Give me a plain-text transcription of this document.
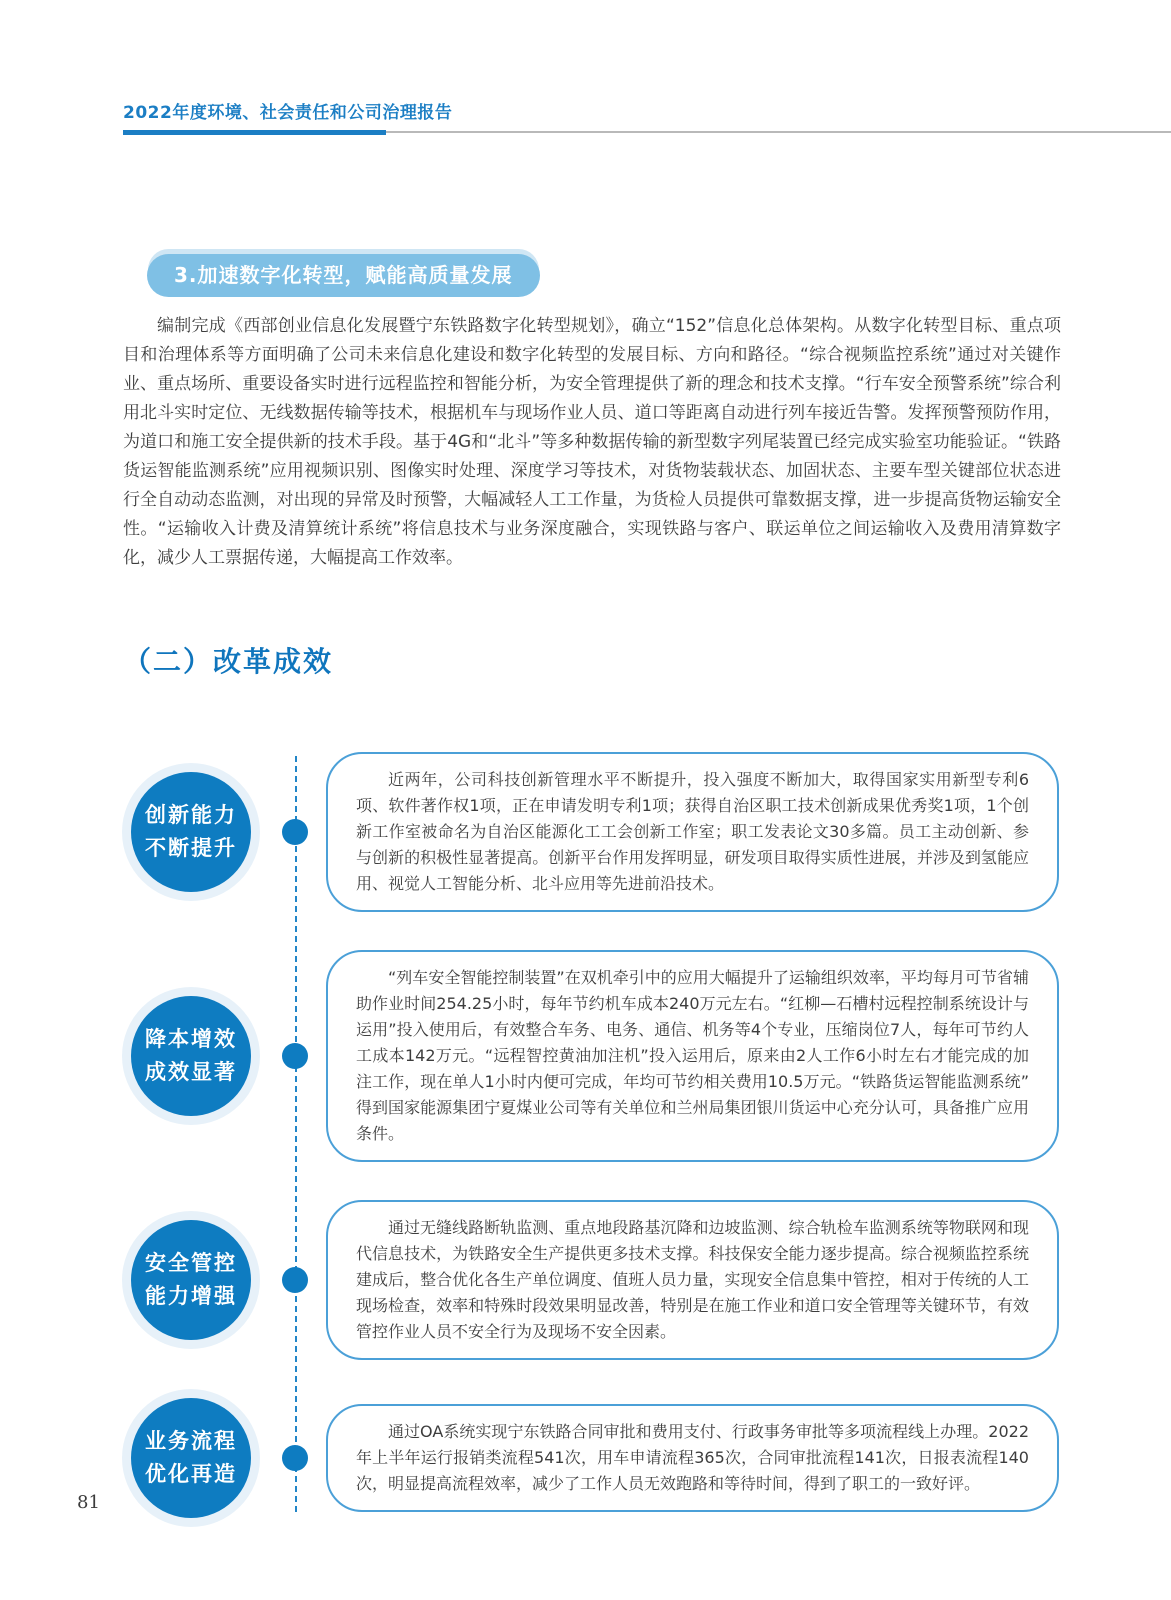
2022年度环境、社会责任和公司治理报告
3.加速数字化转型，赋能高质量发展

编制完成《西部创业信息化发展暨宁东铁路数字化转型规划》，确立“152”信息化总体架构。从数字化转型目标、重点项目和治理体系等方面明确了公司未来信息化建设和数字化转型的发展目标、方向和路径。“综合视频监控系统”通过对关键作业、重点场所、重要设备实时进行远程监控和智能分析，为安全管理提供了新的理念和技术支撑。“行车安全预警系统”综合利用北斗实时定位、无线数据传输等技术，根据机车与现场作业人员、道口等距离自动进行列车接近告警。发挥预警预防作用，为道口和施工安全提供新的技术手段。基于4G和“北斗”等多种数据传输的新型数字列尾装置已经完成实验室功能验证。“铁路货运智能监测系统”应用视频识别、图像实时处理、深度学习等技术，对货物装载状态、加固状态、主要车型关键部位状态进行全自动动态监测，对出现的异常及时预警，大幅减轻人工工作量，为货检人员提供可靠数据支撑，进一步提高货物运输安全性。“运输收入计费及清算统计系统”将信息技术与业务深度融合，实现铁路与客户、联运单位之间运输收入及费用清算数字化，减少人工票据传递，大幅提高工作效率。

（二）改革成效
创新能力
不断提升

近两年，公司科技创新管理水平不断提升，投入强度不断加大，取得国家实用新型专利6项、软件著作权1项，正在申请发明专利1项；获得自治区职工技术创新成果优秀奖1项，1个创新工作室被命名为自治区能源化工工会创新工作室；职工发表论文30多篇。员工主动创新、参与创新的积极性显著提高。创新平台作用发挥明显，研发项目取得实质性进展，并涉及到氢能应用、视觉人工智能分析、北斗应用等先进前沿技术。

降本增效
成效显著

“列车安全智能控制装置”在双机牵引中的应用大幅提升了运输组织效率，平均每月可节省辅助作业时间254.25小时，每年节约机车成本240万元左右。“红柳—石槽村远程控制系统设计与运用”投入使用后，有效整合车务、电务、通信、机务等4个专业，压缩岗位7人，每年可节约人工成本142万元。“远程智控黄油加注机”投入运用后，原来由2人工作6小时左右才能完成的加注工作，现在单人1小时内便可完成，年均可节约相关费用10.5万元。“铁路货运智能监测系统”得到国家能源集团宁夏煤业公司等有关单位和兰州局集团银川货运中心充分认可，具备推广应用条件。

安全管控
能力增强

通过无缝线路断轨监测、重点地段路基沉降和边坡监测、综合轨检车监测系统等物联网和现代信息技术，为铁路安全生产提供更多技术支撑。科技保安全能力逐步提高。综合视频监控系统建成后，整合优化各生产单位调度、值班人员力量，实现安全信息集中管控，相对于传统的人工现场检查，效率和特殊时段效果明显改善，特别是在施工作业和道口安全管理等关键环节，有效管控作业人员不安全行为及现场不安全因素。

业务流程
优化再造

通过OA系统实现宁东铁路合同审批和费用支付、行政事务审批等多项流程线上办理。2022年上半年运行报销类流程541次，用车申请流程365次，合同审批流程141次，日报表流程140次，明显提高流程效率，减少了工作人员无效跑路和等待时间，得到了职工的一致好评。

81
